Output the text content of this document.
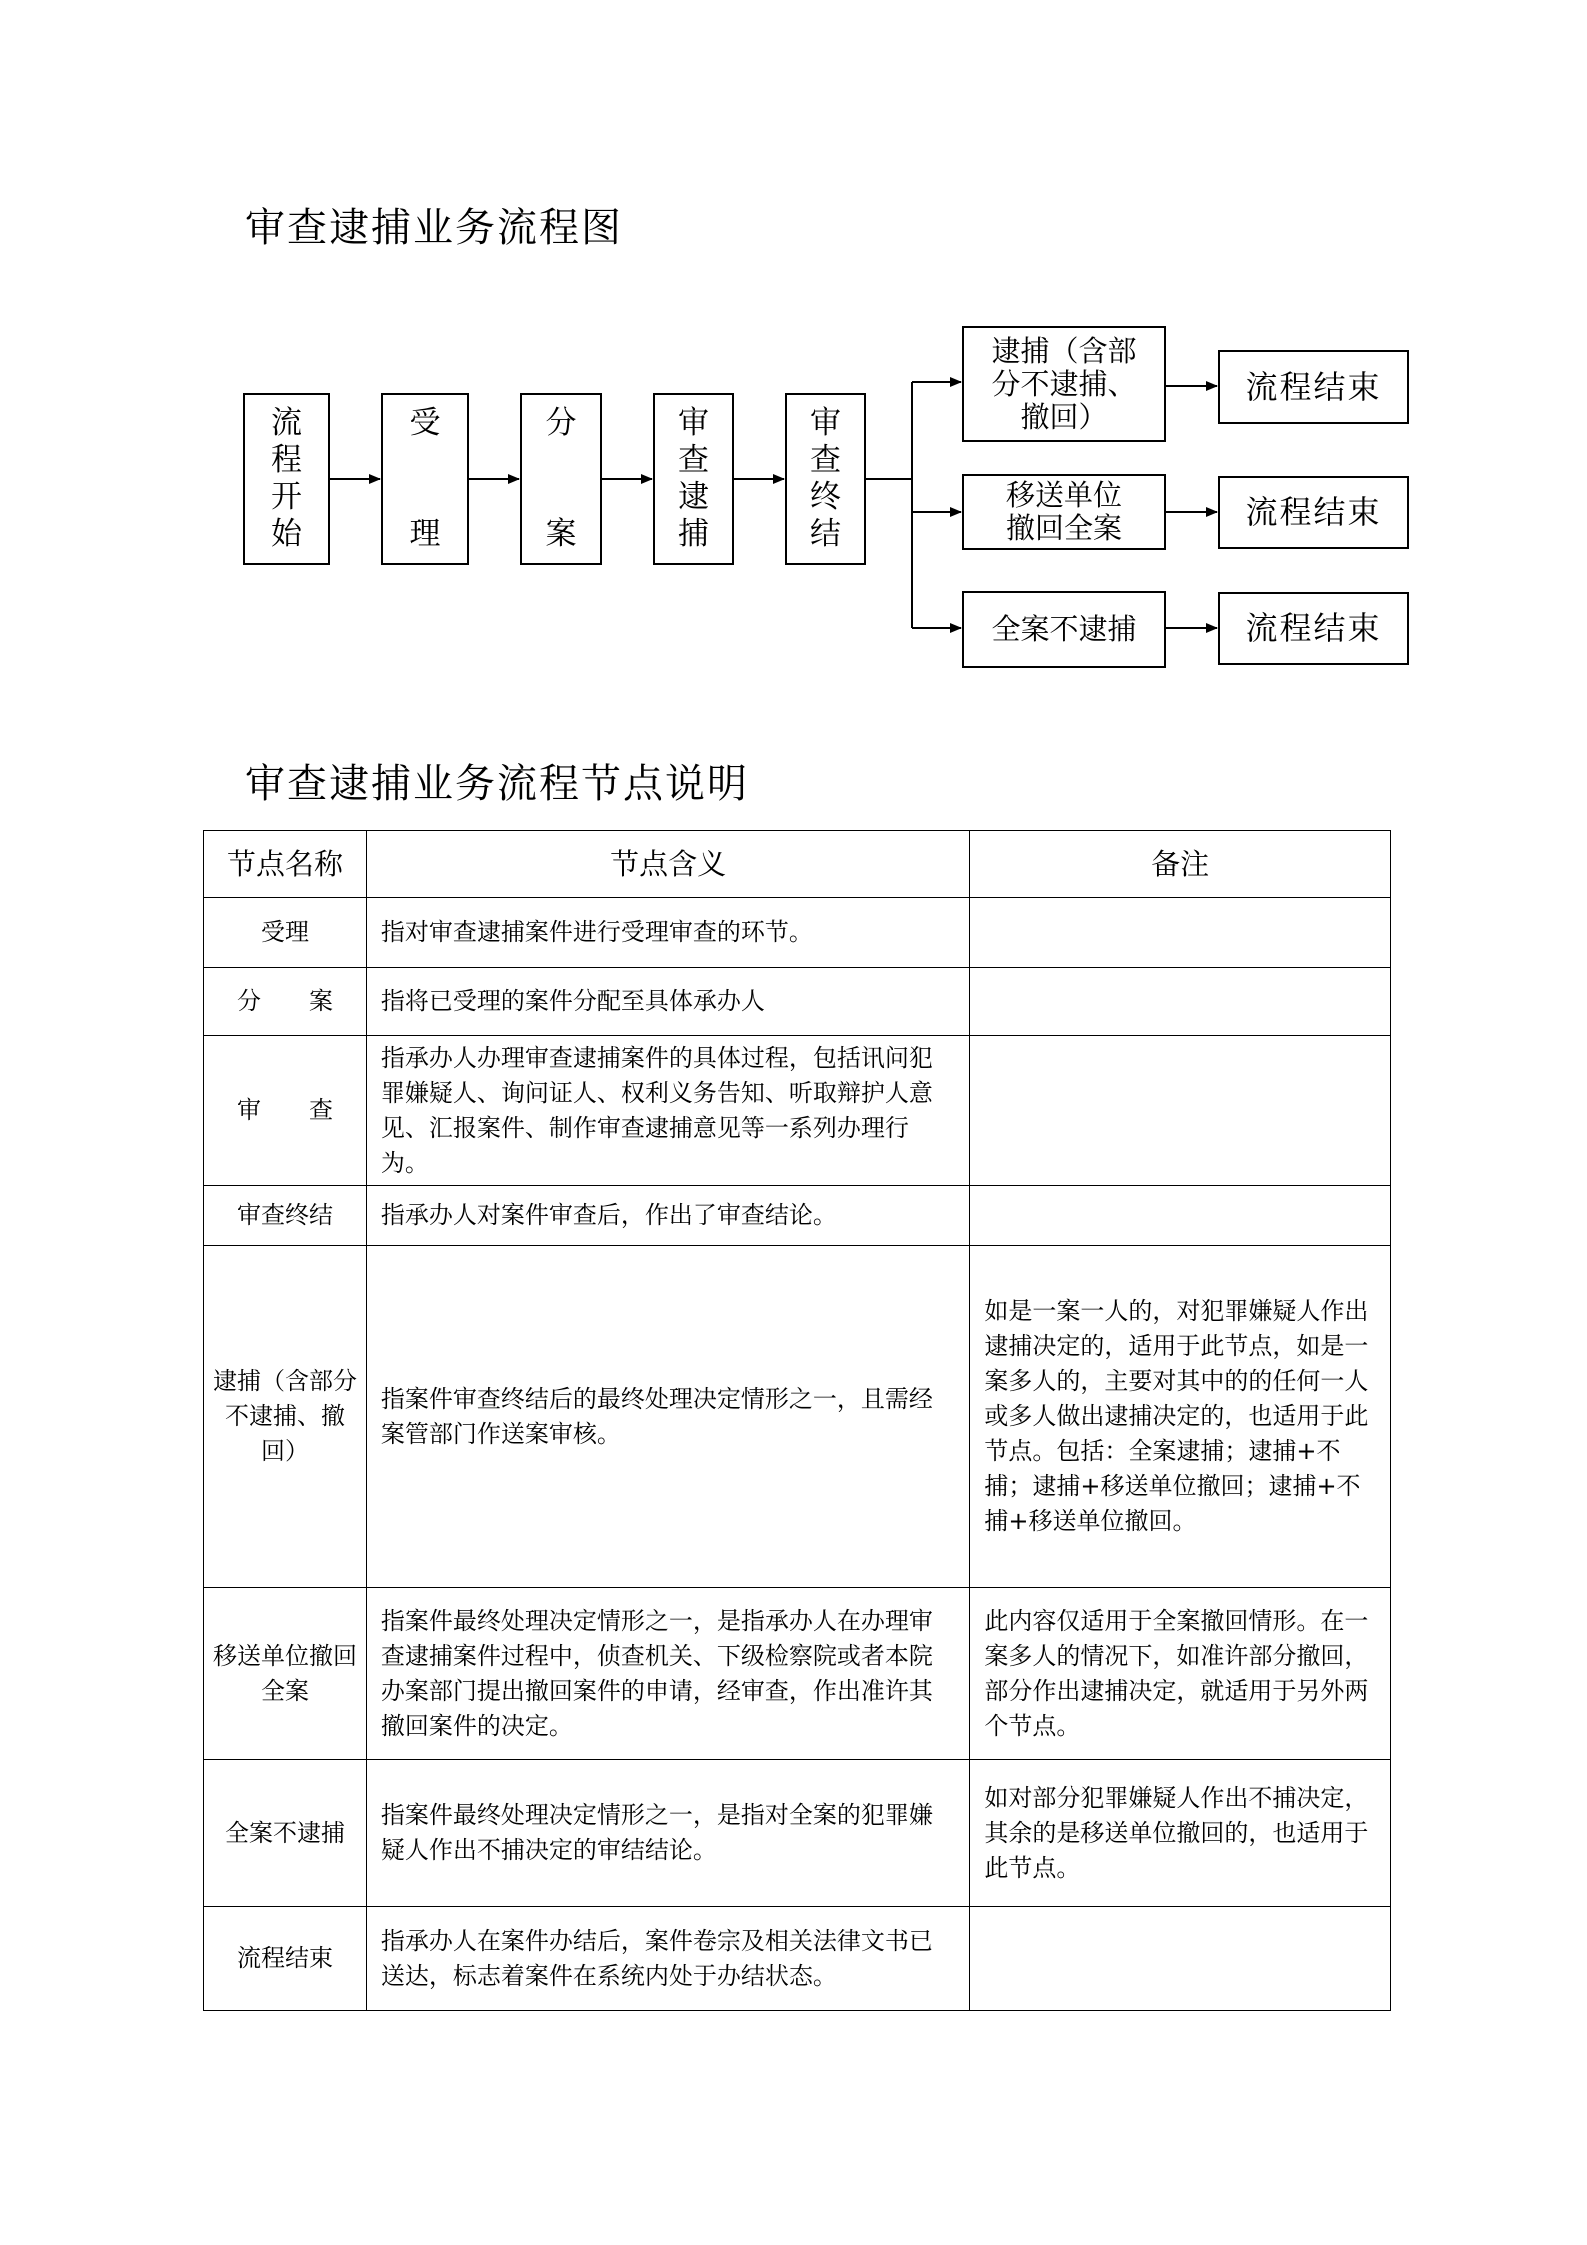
审查逮捕业务流程图
流
程
开
始
受
理
分
案
审
查
逮
捕
审
查
终
结
逮捕（含部
分不逮捕、
撤回）
移送单位
撤回全案
全案不逮捕
流程结束
流程结束
流程结束
审查逮捕业务流程节点说明
节点名称	节点含义	备注
受理	指对审查逮捕案件进行受理审查的环节。	
分　　案	指将已受理的案件分配至具体承办人	
审　　查	指承办人办理审查逮捕案件的具体过程，包括讯问犯罪嫌疑人、询问证人、权利义务告知、听取辩护人意见、汇报案件、制作审查逮捕意见等一系列办理行为。	
审查终结	指承办人对案件审查后，作出了审查结论。	
逮捕（含部分不逮捕、撤回）	指案件审查终结后的最终处理决定情形之一，且需经案管部门作送案审核。	如是一案一人的，对犯罪嫌疑人作出逮捕决定的，适用于此节点，如是一案多人的，主要对其中的的任何一人或多人做出逮捕决定的，也适用于此节点。包括：全案逮捕；逮捕+不捕；逮捕+移送单位撤回；逮捕+不捕+移送单位撤回。
移送单位撤回全案	指案件最终处理决定情形之一，是指承办人在办理审查逮捕案件过程中，侦查机关、下级检察院或者本院办案部门提出撤回案件的申请，经审查，作出准许其撤回案件的决定。	此内容仅适用于全案撤回情形。在一案多人的情况下，如准许部分撤回，部分作出逮捕决定，就适用于另外两个节点。
全案不逮捕	指案件最终处理决定情形之一，是指对全案的犯罪嫌疑人作出不捕决定的审结结论。	如对部分犯罪嫌疑人作出不捕决定，其余的是移送单位撤回的，也适用于此节点。
流程结束	指承办人在案件办结后，案件卷宗及相关法律文书已送达，标志着案件在系统内处于办结状态。	
